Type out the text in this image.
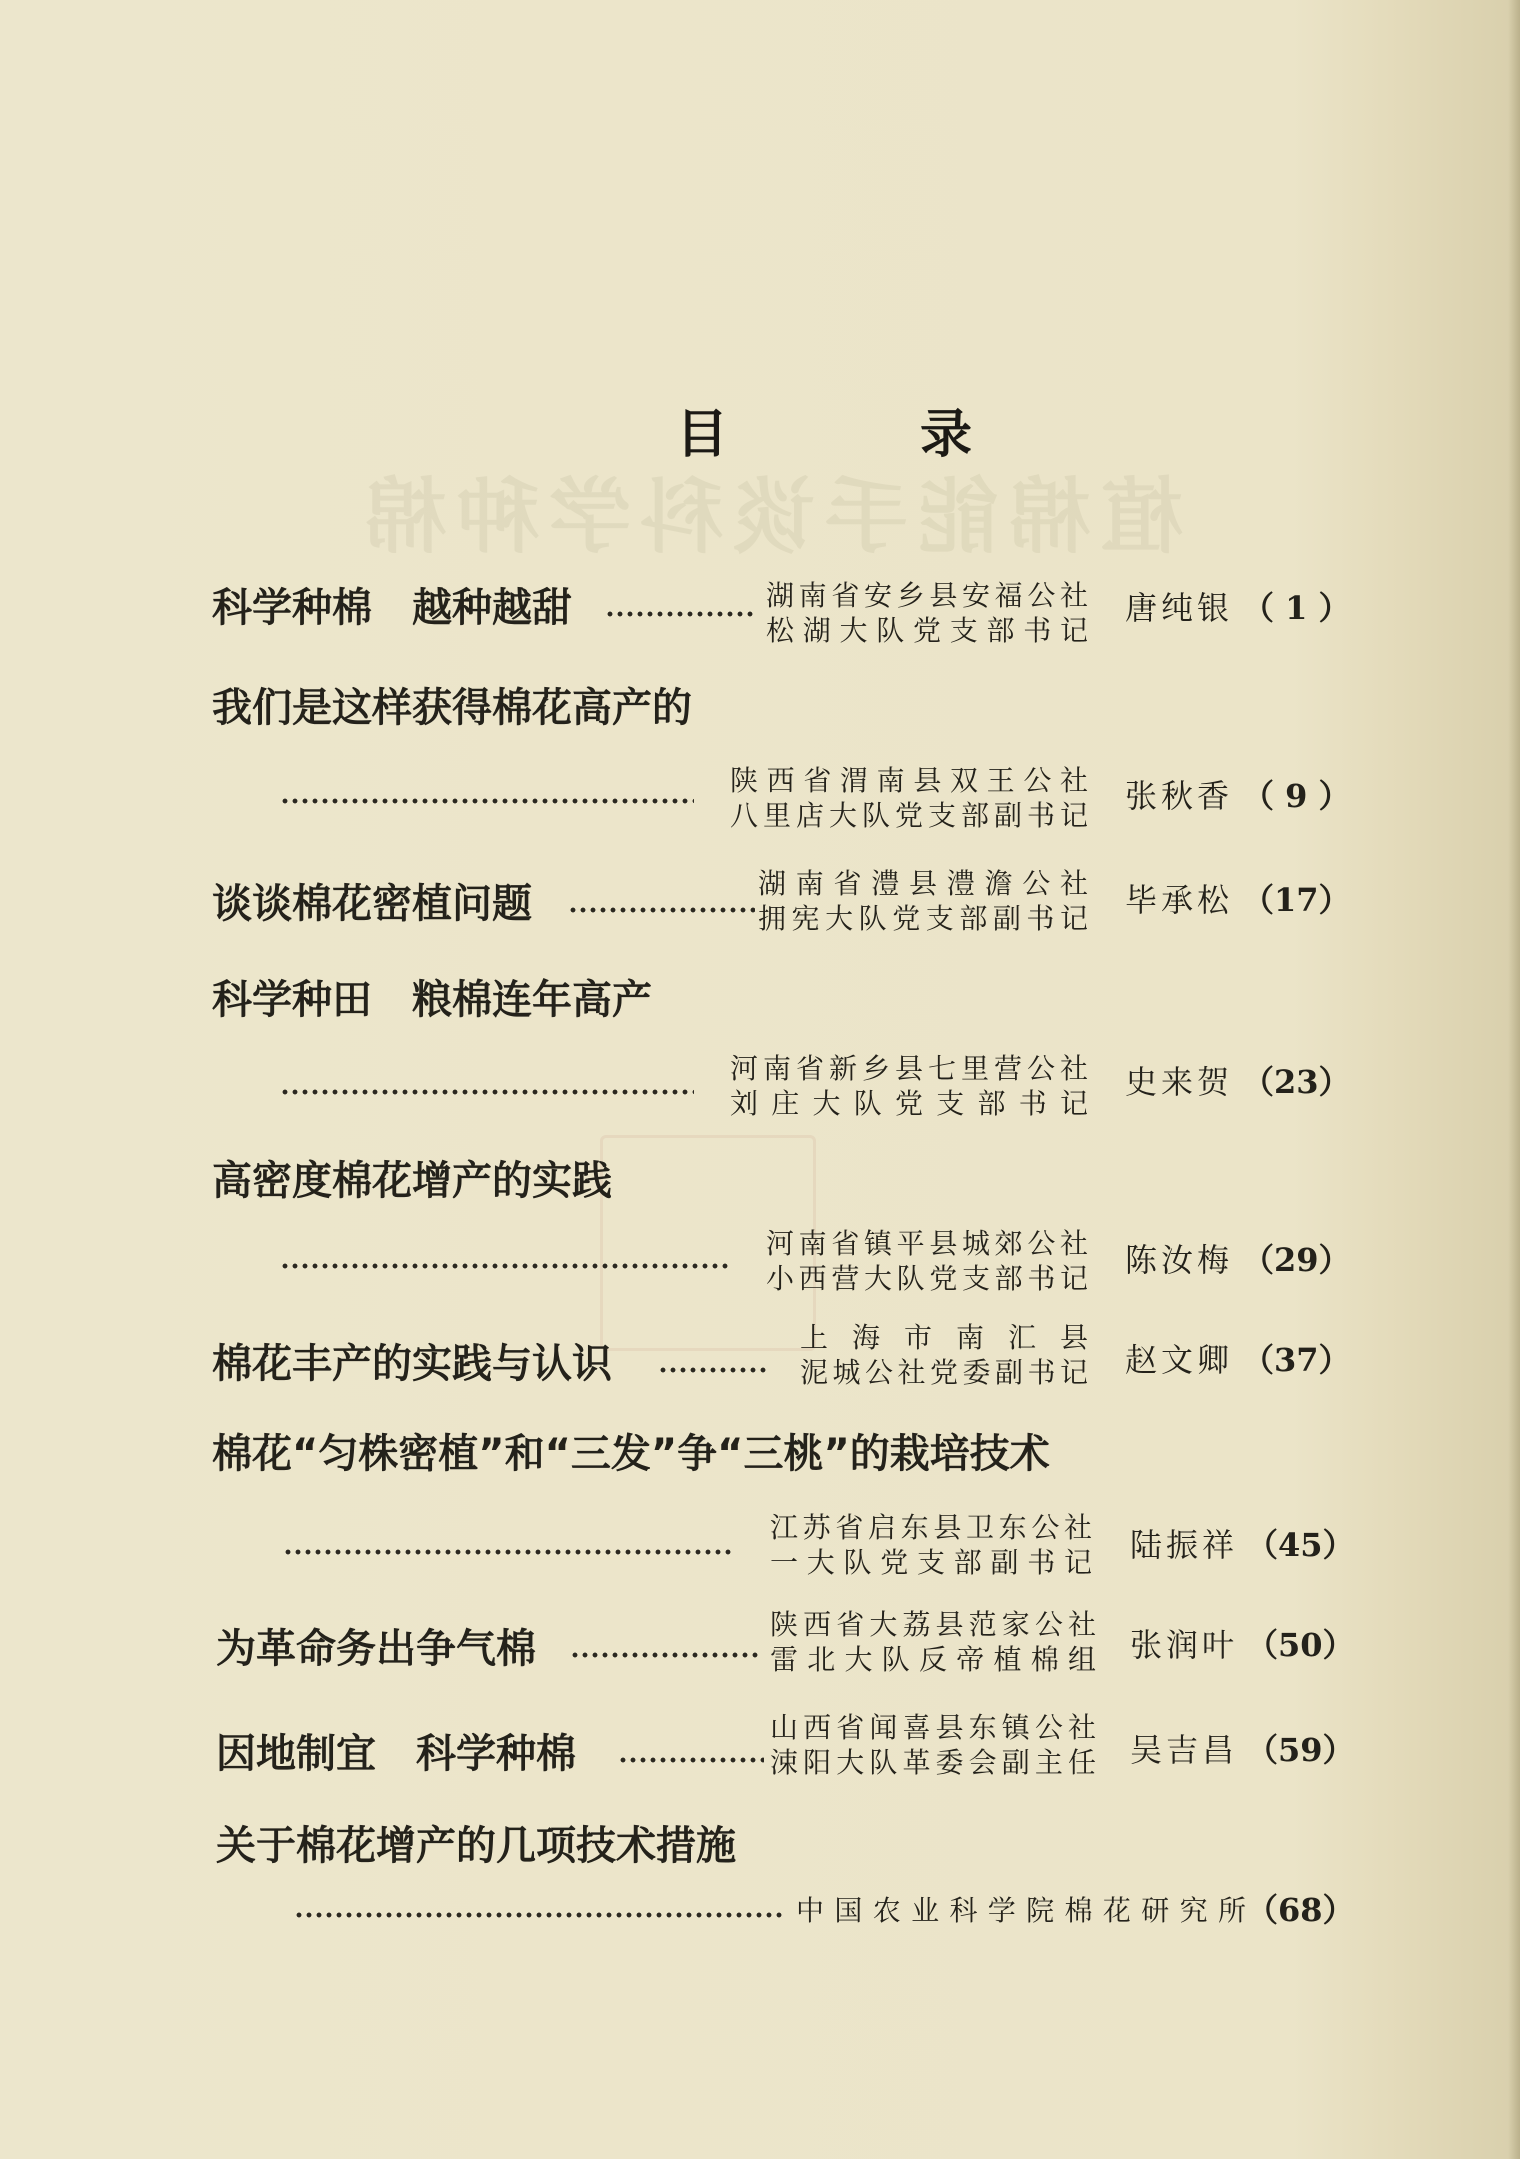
植棉能手谈科学种棉
目　录
科学种棉　越种越甜	湖南省安乡县安福公社
松湖大队党支部书记
唐纯银 （ 1 ）
我们是这样获得棉花高产的
陕西省渭南县双王公社
八里店大队党支部副书记
张秋香 （ 9 ）
谈谈棉花密植问题	湖南省澧县澧澹公社
拥宪大队党支部副书记 毕承松 （17）
科学种田　粮棉连年高产
河南省新乡县七里营公社
刘庄大队党支部书记
史来贺 （23）
高密度棉花增产的实践
河南省镇平县城郊公社
小西营大队党支部书记 陈汝梅 （29）
棉花丰产的实践与认识
上海市南汇县
泥城公社党委副书记 赵文卿 （37）
棉花“匀株密植”和“三发”争“三桃”的栽培技术
江苏省启东县卫东公社
一大队党支部副书记 陆振祥 （45）
为革命务出争气棉
陕西省大荔县范家公社
雷北大队反帝植棉组 张润叶 （50）
因地制宜　科学种棉
山西省闻喜县东镇公社
涑阳大队革委会副主任 吴吉昌 （59）
关于棉花增产的几项技术措施
中国农业科学院棉花研究所 （68）
